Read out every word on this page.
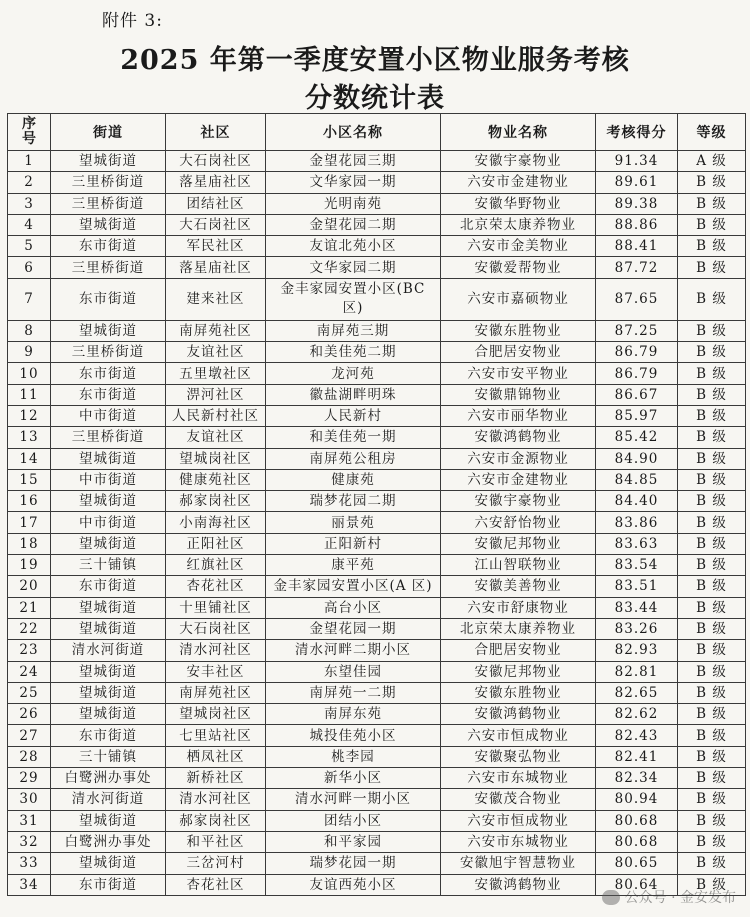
附件 3:
2025 年第一季度安置小区物业服务考核
分数统计表
序号	街道	社区	小区名称	物业名称	考核得分	等级
1	望城街道	大石岗社区	金望花园三期	安徽宇豪物业	91.34	A 级
2	三里桥街道	落星庙社区	文华家园一期	六安市金建物业	89.61	B 级
3	三里桥街道	团结社区	光明南苑	安徽华野物业	89.38	B 级
4	望城街道	大石岗社区	金望花园二期	北京荣太康养物业	88.86	B 级
5	东市街道	军民社区	友谊北苑小区	六安市金美物业	88.41	B 级
6	三里桥街道	落星庙社区	文华家园二期	安徽爱帮物业	87.72	B 级
7	东市街道	建来社区	金丰家园安置小区(BC 区)	六安市嘉硕物业	87.65	B 级
8	望城街道	南屏苑社区	南屏苑三期	安徽东胜物业	87.25	B 级
9	三里桥街道	友谊社区	和美佳苑二期	合肥居安物业	86.79	B 级
10	东市街道	五里墩社区	龙河苑	六安市安平物业	86.79	B 级
11	东市街道	淠河社区	徽盐湖畔明珠	安徽鼎锦物业	86.67	B 级
12	中市街道	人民新村社区	人民新村	六安市丽华物业	85.97	B 级
13	三里桥街道	友谊社区	和美佳苑一期	安徽鸿鹤物业	85.42	B 级
14	望城街道	望城岗社区	南屏苑公租房	六安市金源物业	84.90	B 级
15	中市街道	健康苑社区	健康苑	六安市金建物业	84.85	B 级
16	望城街道	郝家岗社区	瑞梦花园二期	安徽宇豪物业	84.40	B 级
17	中市街道	小南海社区	丽景苑	六安舒怡物业	83.86	B 级
18	望城街道	正阳社区	正阳新村	安徽尼邦物业	83.63	B 级
19	三十铺镇	红旗社区	康平苑	江山智联物业	83.54	B 级
20	东市街道	杏花社区	金丰家园安置小区(A 区)	安徽美善物业	83.51	B 级
21	望城街道	十里铺社区	高台小区	六安市舒康物业	83.44	B 级
22	望城街道	大石岗社区	金望花园一期	北京荣太康养物业	83.26	B 级
23	清水河街道	清水河社区	清水河畔二期小区	合肥居安物业	82.93	B 级
24	望城街道	安丰社区	东望佳园	安徽尼邦物业	82.81	B 级
25	望城街道	南屏苑社区	南屏苑一二期	安徽东胜物业	82.65	B 级
26	望城街道	望城岗社区	南屏东苑	安徽鸿鹤物业	82.62	B 级
27	东市街道	七里站社区	城投佳苑小区	六安市恒成物业	82.43	B 级
28	三十铺镇	栖凤社区	桃李园	安徽聚弘物业	82.41	B 级
29	白鹭洲办事处	新桥社区	新华小区	六安市东城物业	82.34	B 级
30	清水河街道	清水河社区	清水河畔一期小区	安徽茂合物业	80.94	B 级
31	望城街道	郝家岗社区	团结小区	六安市恒成物业	80.68	B 级
32	白鹭洲办事处	和平社区	和平家园	六安市东城物业	80.68	B 级
33	望城街道	三岔河村	瑞梦花园一期	安徽旭宇智慧物业	80.65	B 级
34	东市街道	杏花社区	友谊西苑小区	安徽鸿鹤物业	80.64	B 级
公众号 · 金安发布
